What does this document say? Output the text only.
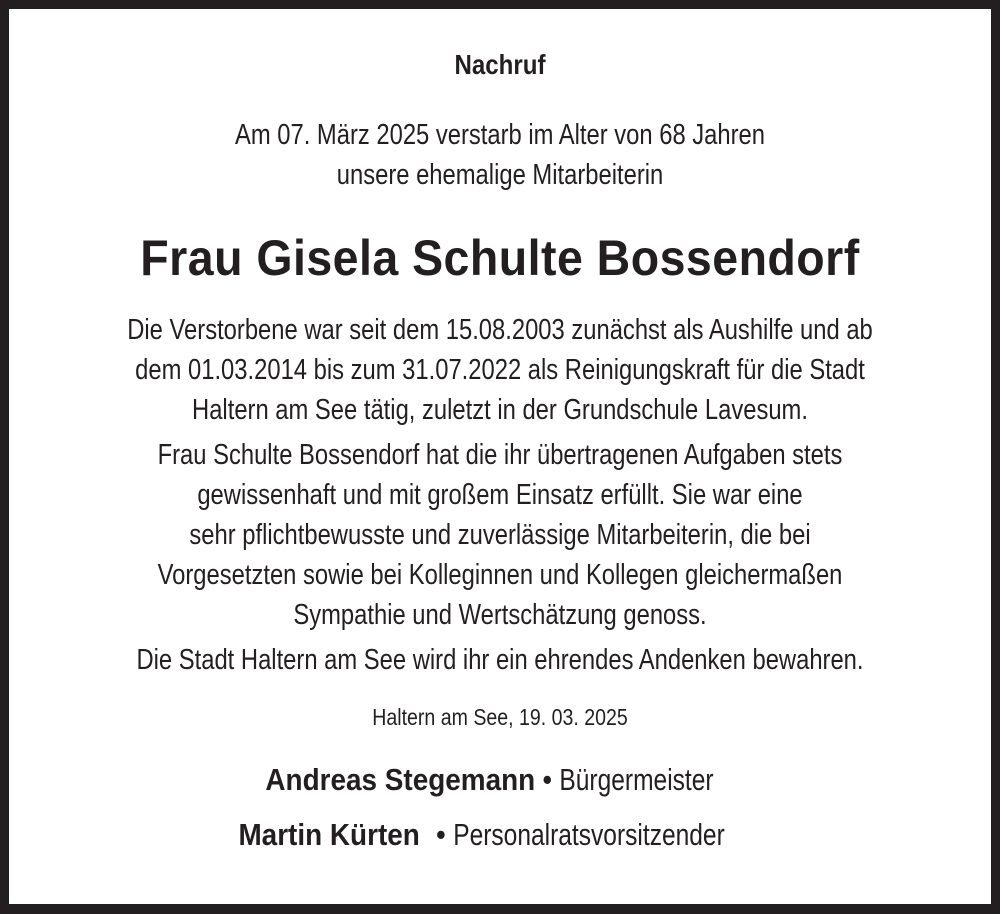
Nachruf
Am 07. März 2025 verstarb im Alter von 68 Jahren
unsere ehemalige Mitarbeiterin
Frau Gisela Schulte Bossendorf
Die Verstorbene war seit dem 15.08.2003 zunächst als Aushilfe und ab
dem 01.03.2014 bis zum 31.07.2022 als Reinigungskraft für die Stadt
Haltern am See tätig, zuletzt in der Grundschule Lavesum.
Frau Schulte Bossendorf hat die ihr übertragenen Aufgaben stets
gewissenhaft und mit großem Einsatz erfüllt. Sie war eine
sehr pflichtbewusste und zuverlässige Mitarbeiterin, die bei
Vorgesetzten sowie bei Kolleginnen und Kollegen gleichermaßen
Sympathie und Wertschätzung genoss.
Die Stadt Haltern am See wird ihr ein ehrendes Andenken bewahren.
Haltern am See, 19. 03. 2025
Andreas Stegemann • Bürgermeister
Martin Kürten • Personalratsvorsitzender
